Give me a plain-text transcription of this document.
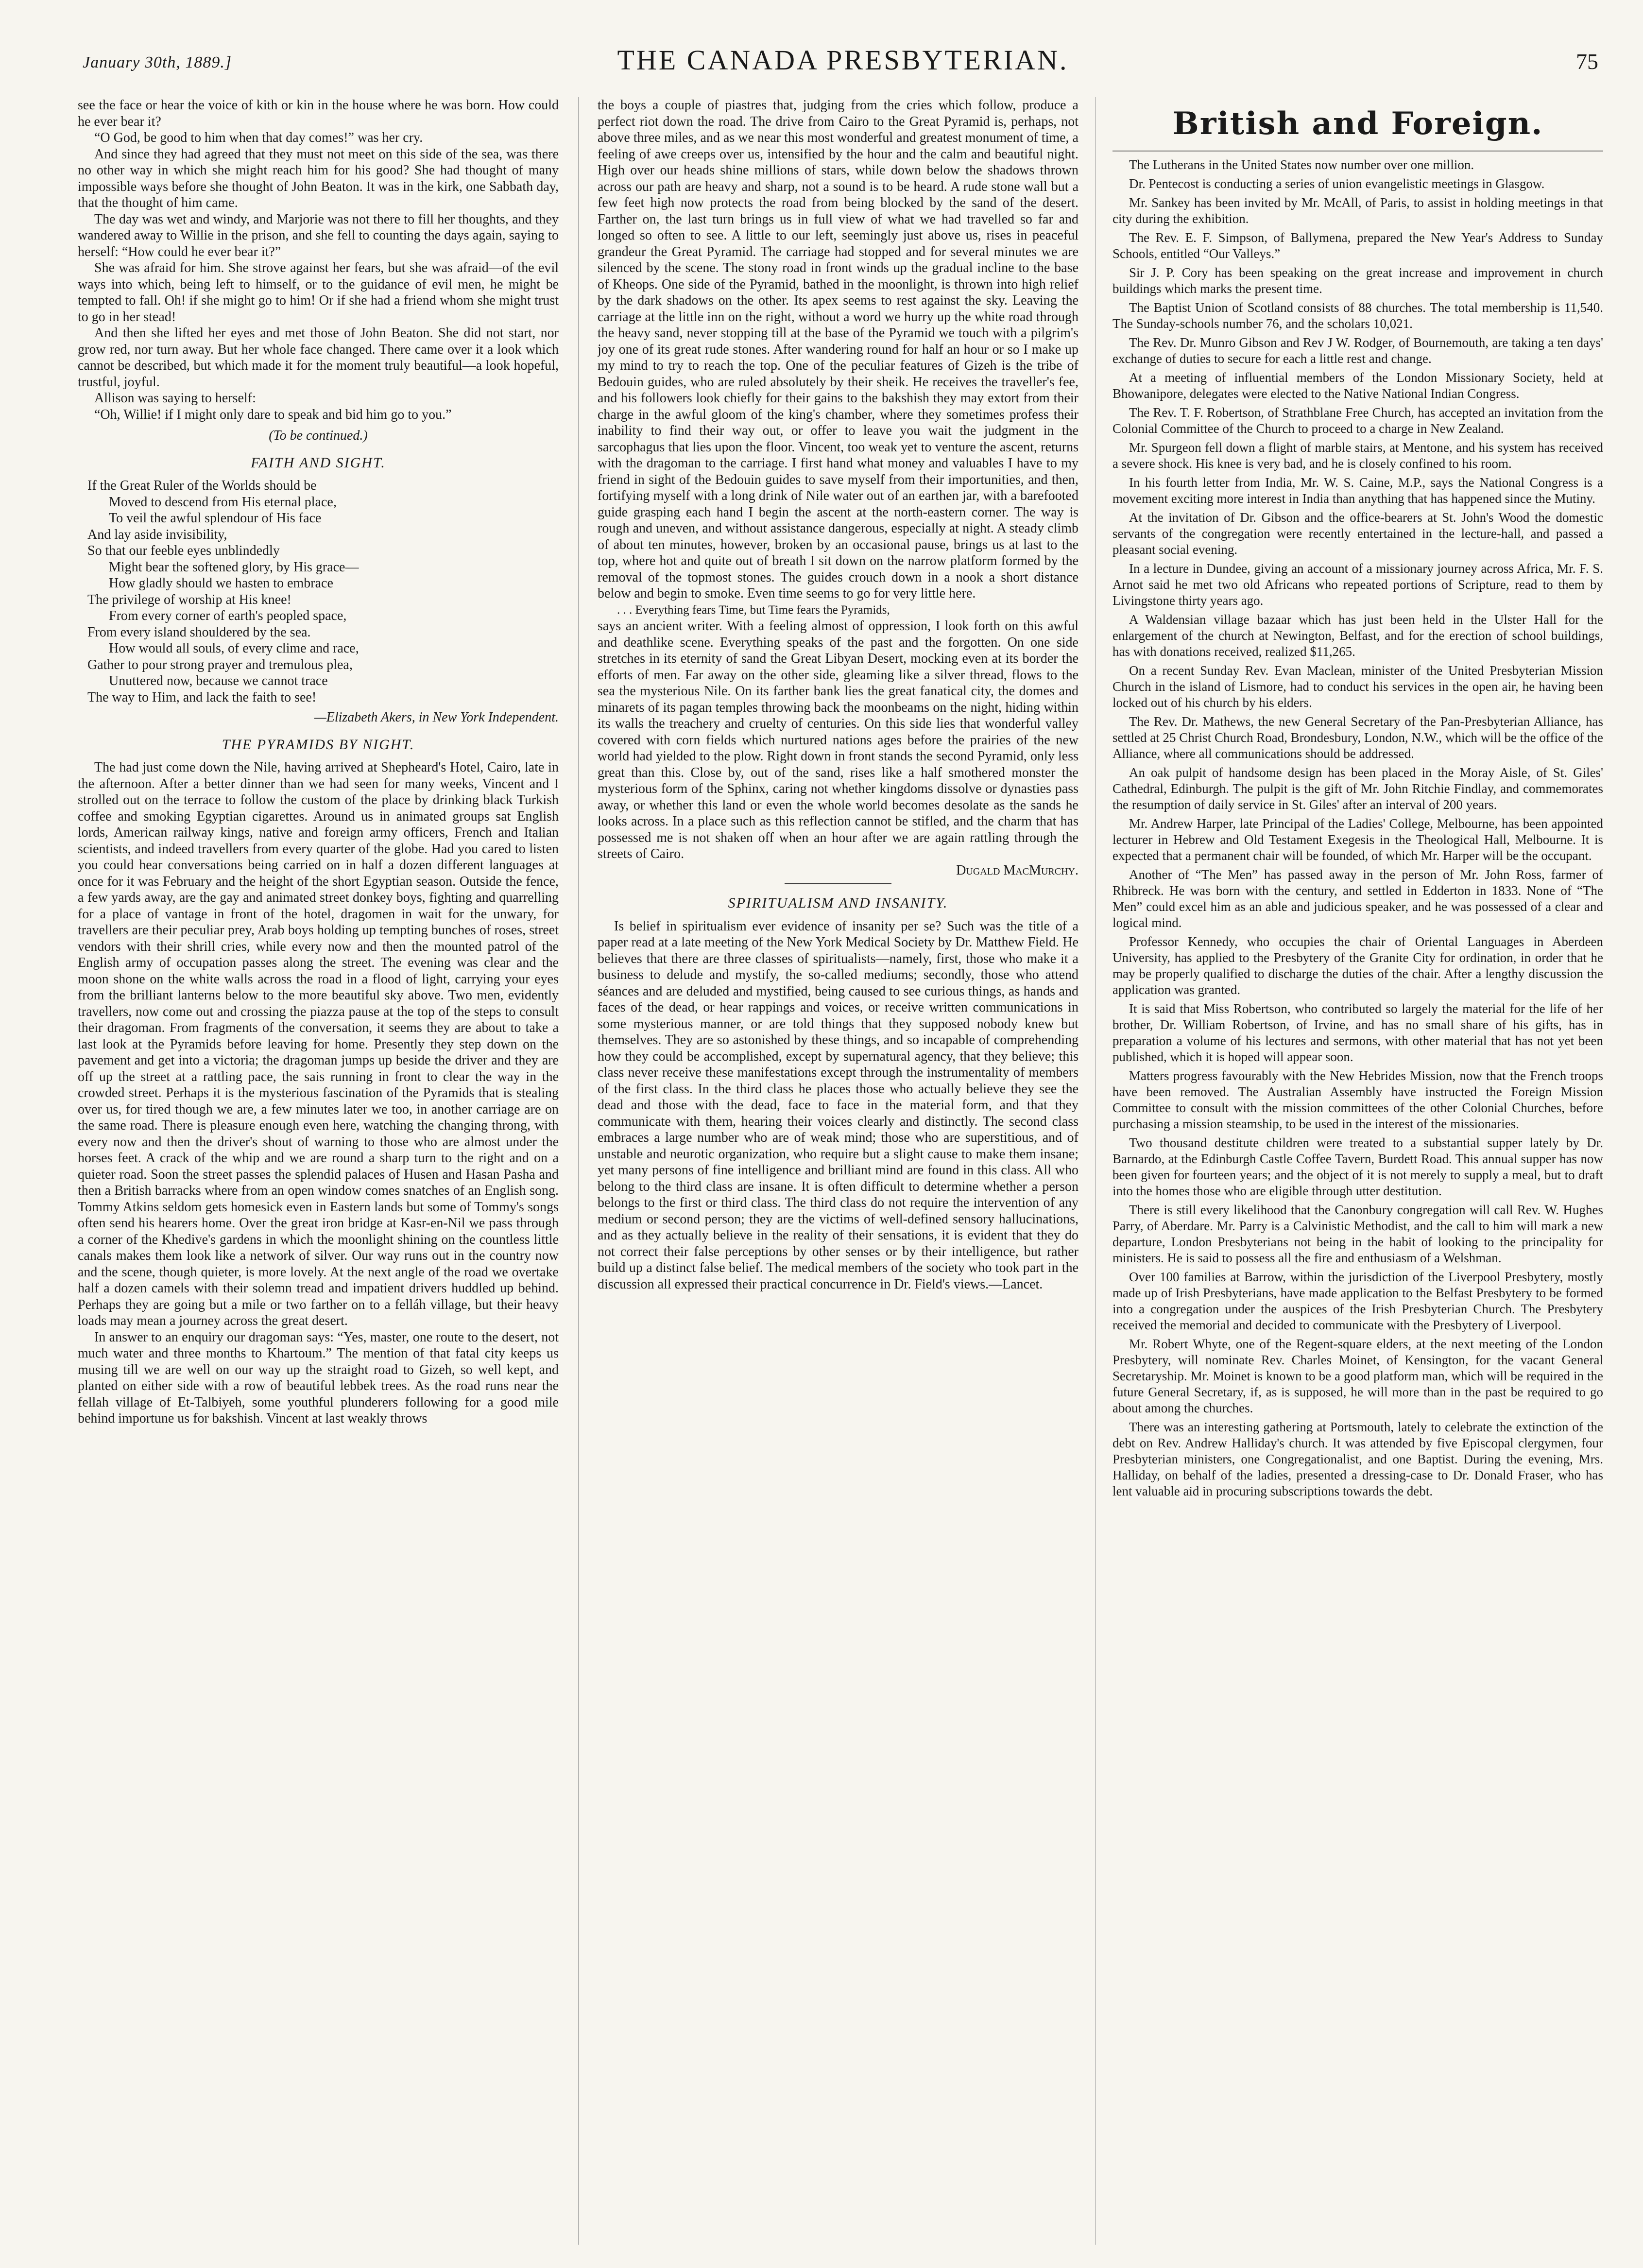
January 30th, 1889.]	THE CANADA PRESBYTERIAN.	75

see the face or hear the voice of kith or kin in the house where he was born. How could he ever bear it?

“O God, be good to him when that day comes!” was her cry.

And since they had agreed that they must not meet on this side of the sea, was there no other way in which she might reach him for his good? She had thought of many impossible ways before she thought of John Beaton. It was in the kirk, one Sabbath day, that the thought of him came.

The day was wet and windy, and Marjorie was not there to fill her thoughts, and they wandered away to Willie in the prison, and she fell to counting the days again, saying to herself: “How could he ever bear it?”

She was afraid for him. She strove against her fears, but she was afraid—of the evil ways into which, being left to himself, or to the guidance of evil men, he might be tempted to fall. Oh! if she might go to him! Or if she had a friend whom she might trust to go in her stead!

And then she lifted her eyes and met those of John Beaton. She did not start, nor grow red, nor turn away. But her whole face changed. There came over it a look which cannot be described, but which made it for the moment truly beautiful—a look hopeful, trustful, joyful.

Allison was saying to herself:

“Oh, Willie! if I might only dare to speak and bid him go to you.”

(To be continued.)
FAITH AND SIGHT.
If the Great Ruler of the Worlds should be
Moved to descend from His eternal place,
To veil the awful splendour of His face
And lay aside invisibility,
So that our feeble eyes unblindedly
Might bear the softened glory, by His grace—
How gladly should we hasten to embrace
The privilege of worship at His knee!
From every corner of earth's peopled space,
From every island shouldered by the sea.
How would all souls, of every clime and race,
Gather to pour strong prayer and tremulous plea,
Unuttered now, because we cannot trace
The way to Him, and lack the faith to see!
—Elizabeth Akers, in New York Independent.
THE PYRAMIDS BY NIGHT.

The had just come down the Nile, having arrived at Shepheard's Hotel, Cairo, late in the afternoon. After a better dinner than we had seen for many weeks, Vincent and I strolled out on the terrace to follow the custom of the place by drinking black Turkish coffee and smoking Egyptian cigarettes. Around us in animated groups sat English lords, American railway kings, native and foreign army officers, French and Italian scientists, and indeed travellers from every quarter of the globe. Had you cared to listen you could hear conversations being carried on in half a dozen different languages at once for it was February and the height of the short Egyptian season. Outside the fence, a few yards away, are the gay and animated street donkey boys, fighting and quarrelling for a place of vantage in front of the hotel, dragomen in wait for the unwary, for travellers are their peculiar prey, Arab boys holding up tempting bunches of roses, street vendors with their shrill cries, while every now and then the mounted patrol of the English army of occupation passes along the street. The evening was clear and the moon shone on the white walls across the road in a flood of light, carrying your eyes from the brilliant lanterns below to the more beautiful sky above. Two men, evidently travellers, now come out and crossing the piazza pause at the top of the steps to consult their dragoman. From fragments of the conversation, it seems they are about to take a last look at the Pyramids before leaving for home. Presently they step down on the pavement and get into a victoria; the dragoman jumps up beside the driver and they are off up the street at a rattling pace, the sais running in front to clear the way in the crowded street. Perhaps it is the mysterious fascination of the Pyramids that is stealing over us, for tired though we are, a few minutes later we too, in another carriage are on the same road. There is pleasure enough even here, watching the changing throng, with every now and then the driver's shout of warning to those who are almost under the horses feet. A crack of the whip and we are round a sharp turn to the right and on a quieter road. Soon the street passes the splendid palaces of Husen and Hasan Pasha and then a British barracks where from an open window comes snatches of an English song. Tommy Atkins seldom gets homesick even in Eastern lands but some of Tommy's songs often send his hearers home. Over the great iron bridge at Kasr-en-Nil we pass through a corner of the Khedive's gardens in which the moonlight shining on the countless little canals makes them look like a network of silver. Our way runs out in the country now and the scene, though quieter, is more lovely. At the next angle of the road we overtake half a dozen camels with their solemn tread and impatient drivers huddled up behind. Perhaps they are going but a mile or two farther on to a felláh village, but their heavy loads may mean a journey across the great desert.

In answer to an enquiry our dragoman says: “Yes, master, one route to the desert, not much water and three months to Khartoum.” The mention of that fatal city keeps us musing till we are well on our way up the straight road to Gizeh, so well kept, and planted on either side with a row of beautiful lebbek trees. As the road runs near the fellah village of Et-Talbiyeh, some youthful plunderers following for a good mile behind importune us for bakshish. Vincent at last weakly throws

the boys a couple of piastres that, judging from the cries which follow, produce a perfect riot down the road. The drive from Cairo to the Great Pyramid is, perhaps, not above three miles, and as we near this most wonderful and greatest monument of time, a feeling of awe creeps over us, intensified by the hour and the calm and beautiful night. High over our heads shine millions of stars, while down below the shadows thrown across our path are heavy and sharp, not a sound is to be heard. A rude stone wall but a few feet high now protects the road from being blocked by the sand of the desert. Farther on, the last turn brings us in full view of what we had travelled so far and longed so often to see. A little to our left, seemingly just above us, rises in peaceful grandeur the Great Pyramid. The carriage had stopped and for several minutes we are silenced by the scene. The stony road in front winds up the gradual incline to the base of Kheops. One side of the Pyramid, bathed in the moonlight, is thrown into high relief by the dark shadows on the other. Its apex seems to rest against the sky. Leaving the carriage at the little inn on the right, without a word we hurry up the white road through the heavy sand, never stopping till at the base of the Pyramid we touch with a pilgrim's joy one of its great rude stones. After wandering round for half an hour or so I make up my mind to try to reach the top. One of the peculiar features of Gizeh is the tribe of Bedouin guides, who are ruled absolutely by their sheik. He receives the traveller's fee, and his followers look chiefly for their gains to the bakshish they may extort from their charge in the awful gloom of the king's chamber, where they sometimes profess their inability to find their way out, or offer to leave you wait the judgment in the sarcophagus that lies upon the floor. Vincent, too weak yet to venture the ascent, returns with the dragoman to the carriage. I first hand what money and valuables I have to my friend in sight of the Bedouin guides to save myself from their importunities, and then, fortifying myself with a long drink of Nile water out of an earthen jar, with a barefooted guide grasping each hand I begin the ascent at the north-eastern corner. The way is rough and uneven, and without assistance dangerous, especially at night. A steady climb of about ten minutes, however, broken by an occasional pause, brings us at last to the top, where hot and quite out of breath I sit down on the narrow platform formed by the removal of the topmost stones. The guides crouch down in a nook a short distance below and begin to smoke. Even time seems to go for very little here.

. . . Everything fears Time, but Time fears the Pyramids,

says an ancient writer. With a feeling almost of oppression, I look forth on this awful and deathlike scene. Everything speaks of the past and the forgotten. On one side stretches in its eternity of sand the Great Libyan Desert, mocking even at its border the efforts of men. Far away on the other side, gleaming like a silver thread, flows to the sea the mysterious Nile. On its farther bank lies the great fanatical city, the domes and minarets of its pagan temples throwing back the moonbeams on the night, hiding within its walls the treachery and cruelty of centuries. On this side lies that wonderful valley covered with corn fields which nurtured nations ages before the prairies of the new world had yielded to the plow. Right down in front stands the second Pyramid, only less great than this. Close by, out of the sand, rises like a half smothered monster the mysterious form of the Sphinx, caring not whether kingdoms dissolve or dynasties pass away, or whether this land or even the whole world becomes desolate as the sands he looks across. In a place such as this reflection cannot be stifled, and the charm that has possessed me is not shaken off when an hour after we are again rattling through the streets of Cairo.

Dugald MacMurchy.
SPIRITUALISM AND INSANITY.

Is belief in spiritualism ever evidence of insanity per se? Such was the title of a paper read at a late meeting of the New York Medical Society by Dr. Matthew Field. He believes that there are three classes of spiritualists—namely, first, those who make it a business to delude and mystify, the so-called mediums; secondly, those who attend séances and are deluded and mystified, being caused to see curious things, as hands and faces of the dead, or hear rappings and voices, or receive written communications in some mysterious manner, or are told things that they supposed nobody knew but themselves. They are so astonished by these things, and so incapable of comprehending how they could be accomplished, except by supernatural agency, that they believe; this class never receive these manifestations except through the instrumentality of members of the first class. In the third class he places those who actually believe they see the dead and those with the dead, face to face in the material form, and that they communicate with them, hearing their voices clearly and distinctly. The second class embraces a large number who are of weak mind; those who are superstitious, and of unstable and neurotic organization, who require but a slight cause to make them insane; yet many persons of fine intelligence and brilliant mind are found in this class. All who belong to the third class are insane. It is often difficult to determine whether a person belongs to the first or third class. The third class do not require the intervention of any medium or second person; they are the victims of well-defined sensory hallucinations, and as they actually believe in the reality of their sensations, it is evident that they do not correct their false perceptions by other senses or by their intelligence, but rather build up a distinct false belief. The medical members of the society who took part in the discussion all expressed their practical concurrence in Dr. Field's views.—Lancet.

British and Foreign.

The Lutherans in the United States now number over one million.

Dr. Pentecost is conducting a series of union evangelistic meetings in Glasgow.

Mr. Sankey has been invited by Mr. McAll, of Paris, to assist in holding meetings in that city during the exhibition.

The Rev. E. F. Simpson, of Ballymena, prepared the New Year's Address to Sunday Schools, entitled “Our Valleys.”

Sir J. P. Cory has been speaking on the great increase and improvement in church buildings which marks the present time.

The Baptist Union of Scotland consists of 88 churches. The total membership is 11,540. The Sunday-schools number 76, and the scholars 10,021.

The Rev. Dr. Munro Gibson and Rev J W. Rodger, of Bournemouth, are taking a ten days' exchange of duties to secure for each a little rest and change.

At a meeting of influential members of the London Missionary Society, held at Bhowanipore, delegates were elected to the Native National Indian Congress.

The Rev. T. F. Robertson, of Strathblane Free Church, has accepted an invitation from the Colonial Committee of the Church to proceed to a charge in New Zealand.

Mr. Spurgeon fell down a flight of marble stairs, at Mentone, and his system has received a severe shock. His knee is very bad, and he is closely confined to his room.

In his fourth letter from India, Mr. W. S. Caine, M.P., says the National Congress is a movement exciting more interest in India than anything that has happened since the Mutiny.

At the invitation of Dr. Gibson and the office-bearers at St. John's Wood the domestic servants of the congregation were recently entertained in the lecture-hall, and passed a pleasant social evening.

In a lecture in Dundee, giving an account of a missionary journey across Africa, Mr. F. S. Arnot said he met two old Africans who repeated portions of Scripture, read to them by Livingstone thirty years ago.

A Waldensian village bazaar which has just been held in the Ulster Hall for the enlargement of the church at Newington, Belfast, and for the erection of school buildings, has with donations received, realized $11,265.

On a recent Sunday Rev. Evan Maclean, minister of the United Presbyterian Mission Church in the island of Lismore, had to conduct his services in the open air, he having been locked out of his church by his elders.

The Rev. Dr. Mathews, the new General Secretary of the Pan-Presbyterian Alliance, has settled at 25 Christ Church Road, Brondesbury, London, N.W., which will be the office of the Alliance, where all communications should be addressed.

An oak pulpit of handsome design has been placed in the Moray Aisle, of St. Giles' Cathedral, Edinburgh. The pulpit is the gift of Mr. John Ritchie Findlay, and commemorates the resumption of daily service in St. Giles' after an interval of 200 years.

Mr. Andrew Harper, late Principal of the Ladies' College, Melbourne, has been appointed lecturer in Hebrew and Old Testament Exegesis in the Theological Hall, Melbourne. It is expected that a permanent chair will be founded, of which Mr. Harper will be the occupant.

Another of “The Men” has passed away in the person of Mr. John Ross, farmer of Rhibreck. He was born with the century, and settled in Edderton in 1833. None of “The Men” could excel him as an able and judicious speaker, and he was possessed of a clear and logical mind.

Professor Kennedy, who occupies the chair of Oriental Languages in Aberdeen University, has applied to the Presbytery of the Granite City for ordination, in order that he may be properly qualified to discharge the duties of the chair. After a lengthy discussion the application was granted.

It is said that Miss Robertson, who contributed so largely the material for the life of her brother, Dr. William Robertson, of Irvine, and has no small share of his gifts, has in preparation a volume of his lectures and sermons, with other material that has not yet been published, which it is hoped will appear soon.

Matters progress favourably with the New Hebrides Mission, now that the French troops have been removed. The Australian Assembly have instructed the Foreign Mission Committee to consult with the mission committees of the other Colonial Churches, before purchasing a mission steamship, to be used in the interest of the missionaries.

Two thousand destitute children were treated to a substantial supper lately by Dr. Barnardo, at the Edinburgh Castle Coffee Tavern, Burdett Road. This annual supper has now been given for fourteen years; and the object of it is not merely to supply a meal, but to draft into the homes those who are eligible through utter destitution.

There is still every likelihood that the Canonbury congregation will call Rev. W. Hughes Parry, of Aberdare. Mr. Parry is a Calvinistic Methodist, and the call to him will mark a new departure, London Presbyterians not being in the habit of looking to the principality for ministers. He is said to possess all the fire and enthusiasm of a Welshman.

Over 100 families at Barrow, within the jurisdiction of the Liverpool Presbytery, mostly made up of Irish Presbyterians, have made application to the Belfast Presbytery to be formed into a congregation under the auspices of the Irish Presbyterian Church. The Presbytery received the memorial and decided to communicate with the Presbytery of Liverpool.

Mr. Robert Whyte, one of the Regent-square elders, at the next meeting of the London Presbytery, will nominate Rev. Charles Moinet, of Kensington, for the vacant General Secretaryship. Mr. Moinet is known to be a good platform man, which will be required in the future General Secretary, if, as is supposed, he will more than in the past be required to go about among the churches.

There was an interesting gathering at Portsmouth, lately to celebrate the extinction of the debt on Rev. Andrew Halliday's church. It was attended by five Episcopal clergymen, four Presbyterian ministers, one Congregationalist, and one Baptist. During the evening, Mrs. Halliday, on behalf of the ladies, presented a dressing-case to Dr. Donald Fraser, who has lent valuable aid in procuring subscriptions towards the debt.
